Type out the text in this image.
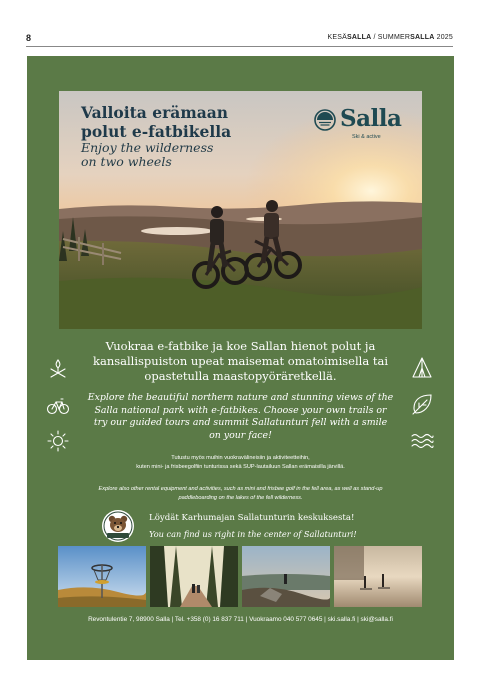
8	KESÄSALLA / SUMMERSALLA 2025
Valloita erämaan
polut e-fatbikella
Enjoy the wilderness
on two wheels
Salla
Ski & active
Vuokraa e-fatbike ja koe Sallan hienot polut ja kansallispuiston upeat maisemat omatoimisella tai opastetulla maastopyöräretkellä.
Explore the beautiful northern nature and stunning views of the Salla national park with e-fatbikes. Choose your own trails or try our guided tours and summit Sallatunturi fell with a smile on your face!
Tutustu myös muihin vuokravälineisiin ja aktiviteetteihin,
kuten mini- ja frisbeegolfiin tunturissa sekä SUP-lautailuun Sallan erämaisilla järvillä.
Explore also other rental equipment and activities, such as mini and frisbee golf in the fell area, as well as stand-up
paddleboarding on the lakes of the fell wilderness.
Löydät Karhumajan Sallatunturin keskuksesta!
You can find us right in the center of Sallatunturi!
Revontulentie 7, 98900 Salla | Tel. +358 (0) 16 837 711 | Vuokraamo 040 577 0645 | ski.salla.fi | ski@salla.fi
